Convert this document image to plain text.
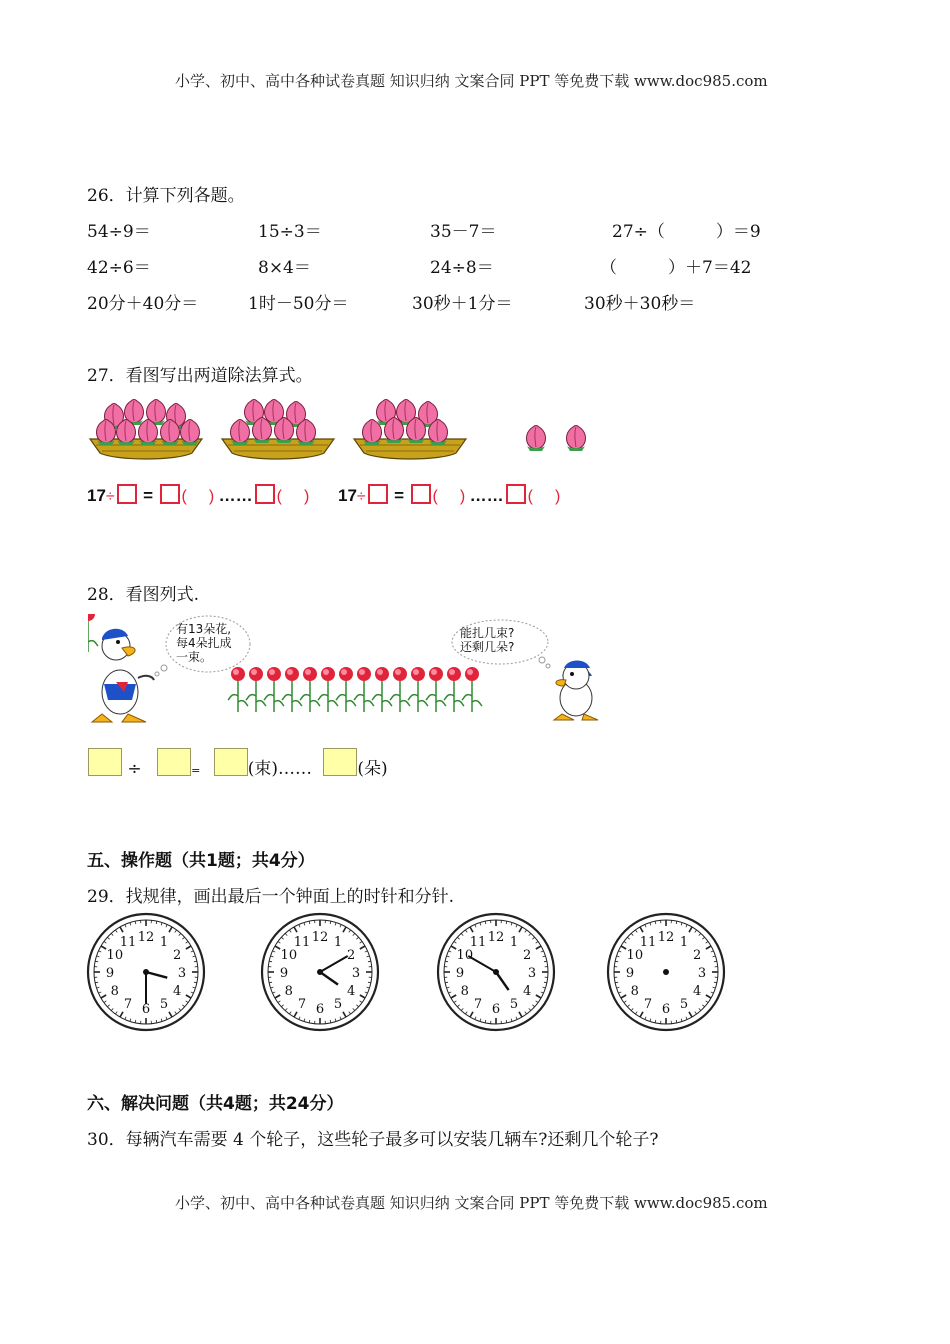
小学、初中、高中各种试卷真题 知识归纳 文案合同 PPT 等免费下载 www.doc985.com
26．计算下列各题。
54÷9＝	15÷3＝	35－7＝	27÷（　　　）＝9
42÷6＝	8×4＝	24÷8＝	（　　　）＋7＝42
20分＋40分＝	1时－50分＝	30秒＋1分＝	30秒＋30秒＝
27．看图写出两道除法算式。
17÷ = ( ) …… ( ) 17÷ = ( ) …… ( )
28．看图列式.
有13朵花,
每4朵扎成
一束。
能扎几束?
还剩几朵?
÷	=	(束)……	(朵)
五、操作题（共1题；共4分）
29．找规律，画出最后一个钟面上的时针和分针.
12 1
2
3
4
5
6
7
8
9
10
11	12 1
2
3
4
5
6
7
8
9
10
11	12 1
2
3
4
5
6
7
8
9
10
11	12 1
2
3
4
5
6
7
8
9
10
11
六、解决问题（共4题；共24分）
30．每辆汽车需要 4 个轮子，这些轮子最多可以安装几辆车?还剩几个轮子?
小学、初中、高中各种试卷真题 知识归纳 文案合同 PPT 等免费下载 www.doc985.com
